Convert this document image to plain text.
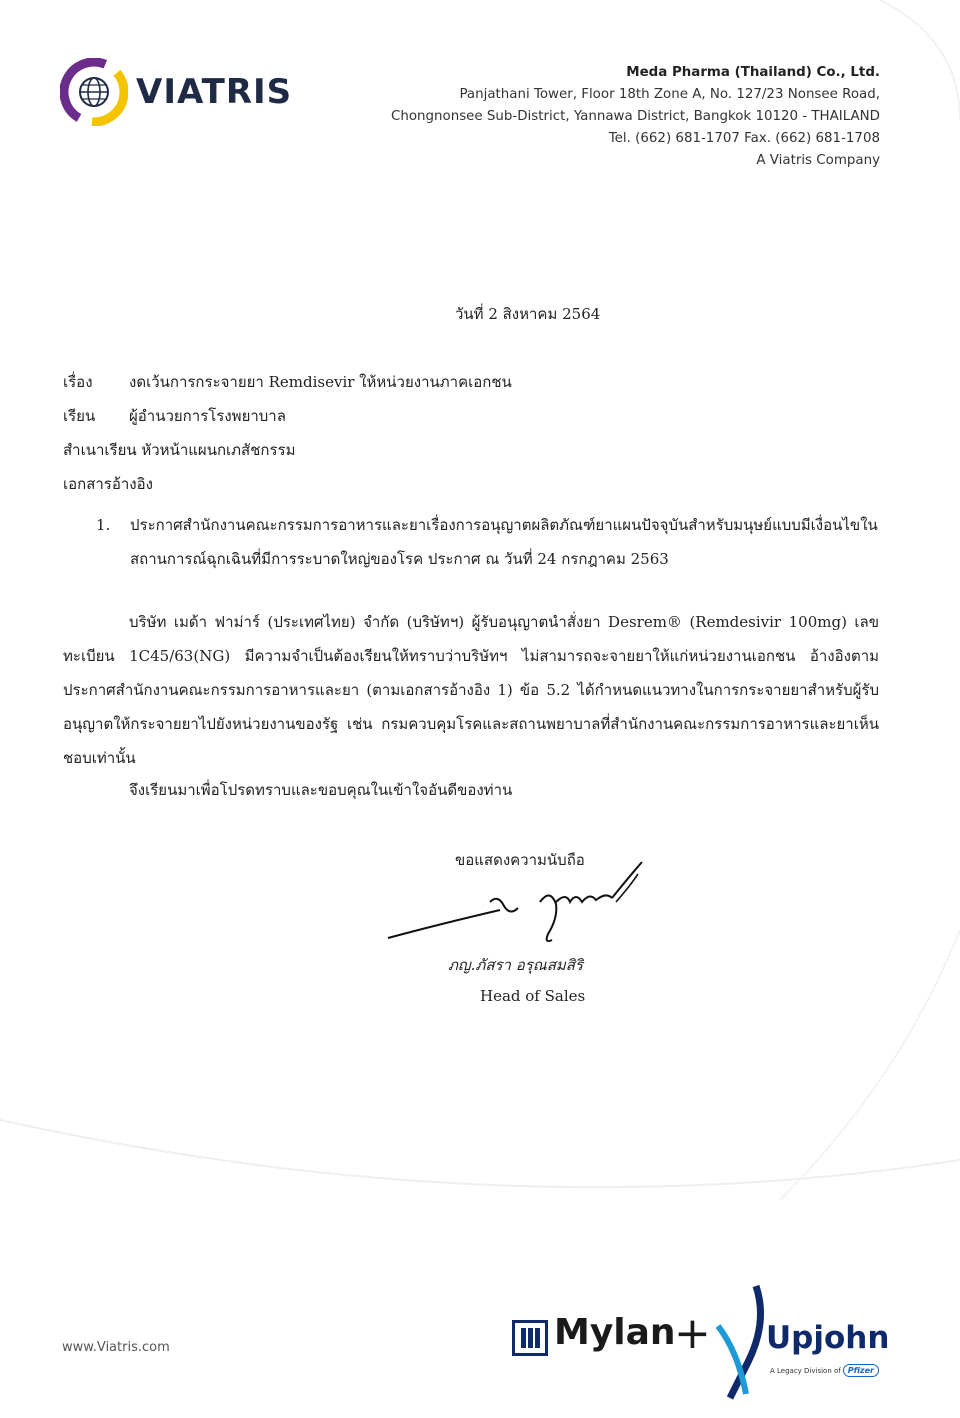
VIATRIS	Meda Pharma (Thailand) Co., Ltd.
Panjathani Tower, Floor 18th Zone A, No. 127/23 Nonsee Road,
Chongnonsee Sub-District, Yannawa District, Bangkok 10120 - THAILAND
Tel. (662) 681-1707 Fax. (662) 681-1708
A Viatris Company
วันที่ 2 สิงหาคม 2564
เรื่อง งดเว้นการกระจายยา Remdisevir ให้หน่วยงานภาคเอกชน
เรียน ผู้อำนวยการโรงพยาบาล
สำเนาเรียน หัวหน้าแผนกเภสัชกรรม
เอกสารอ้างอิง
1. ประกาศสำนักงานคณะกรรมการอาหารและยาเรื่องการอนุญาตผลิตภัณฑ์ยาแผนปัจจุบันสำหรับมนุษย์แบบมีเงื่อนไขในสถานการณ์ฉุกเฉินที่มีการระบาดใหญ่ของโรค ประกาศ ณ วันที่ 24 กรกฎาคม 2563
บริษัท เมด้า ฟาม่าร์ (ประเทศไทย) จำกัด (บริษัทฯ) ผู้รับอนุญาตนำสั่งยา Desrem® (Remdesivir 100mg) เลขทะเบียน 1C45/63(NG) มีความจำเป็นต้องเรียนให้ทราบว่าบริษัทฯ ไม่สามารถจะจายยาให้แก่หน่วยงานเอกชน อ้างอิงตามประกาศสำนักงานคณะกรรมการอาหารและยา (ตามเอกสารอ้างอิง 1) ข้อ 5.2 ได้กำหนดแนวทางในการกระจายยาสำหรับผู้รับอนุญาตให้กระจายยาไปยังหน่วยงานของรัฐ เช่น กรมควบคุมโรคและสถานพยาบาลที่สำนักงานคณะกรรมการอาหารและยาเห็นชอบเท่านั้น
จึงเรียนมาเพื่อโปรดทราบและขอบคุณในเข้าใจอันดีของท่าน
ขอแสดงความนับถือ
ภญ.ภัสรา อรุณสมสิริ
Head of Sales
www.Viatris.com	Mylan
+ Upjohn
A Legacy Division of Pfizer
